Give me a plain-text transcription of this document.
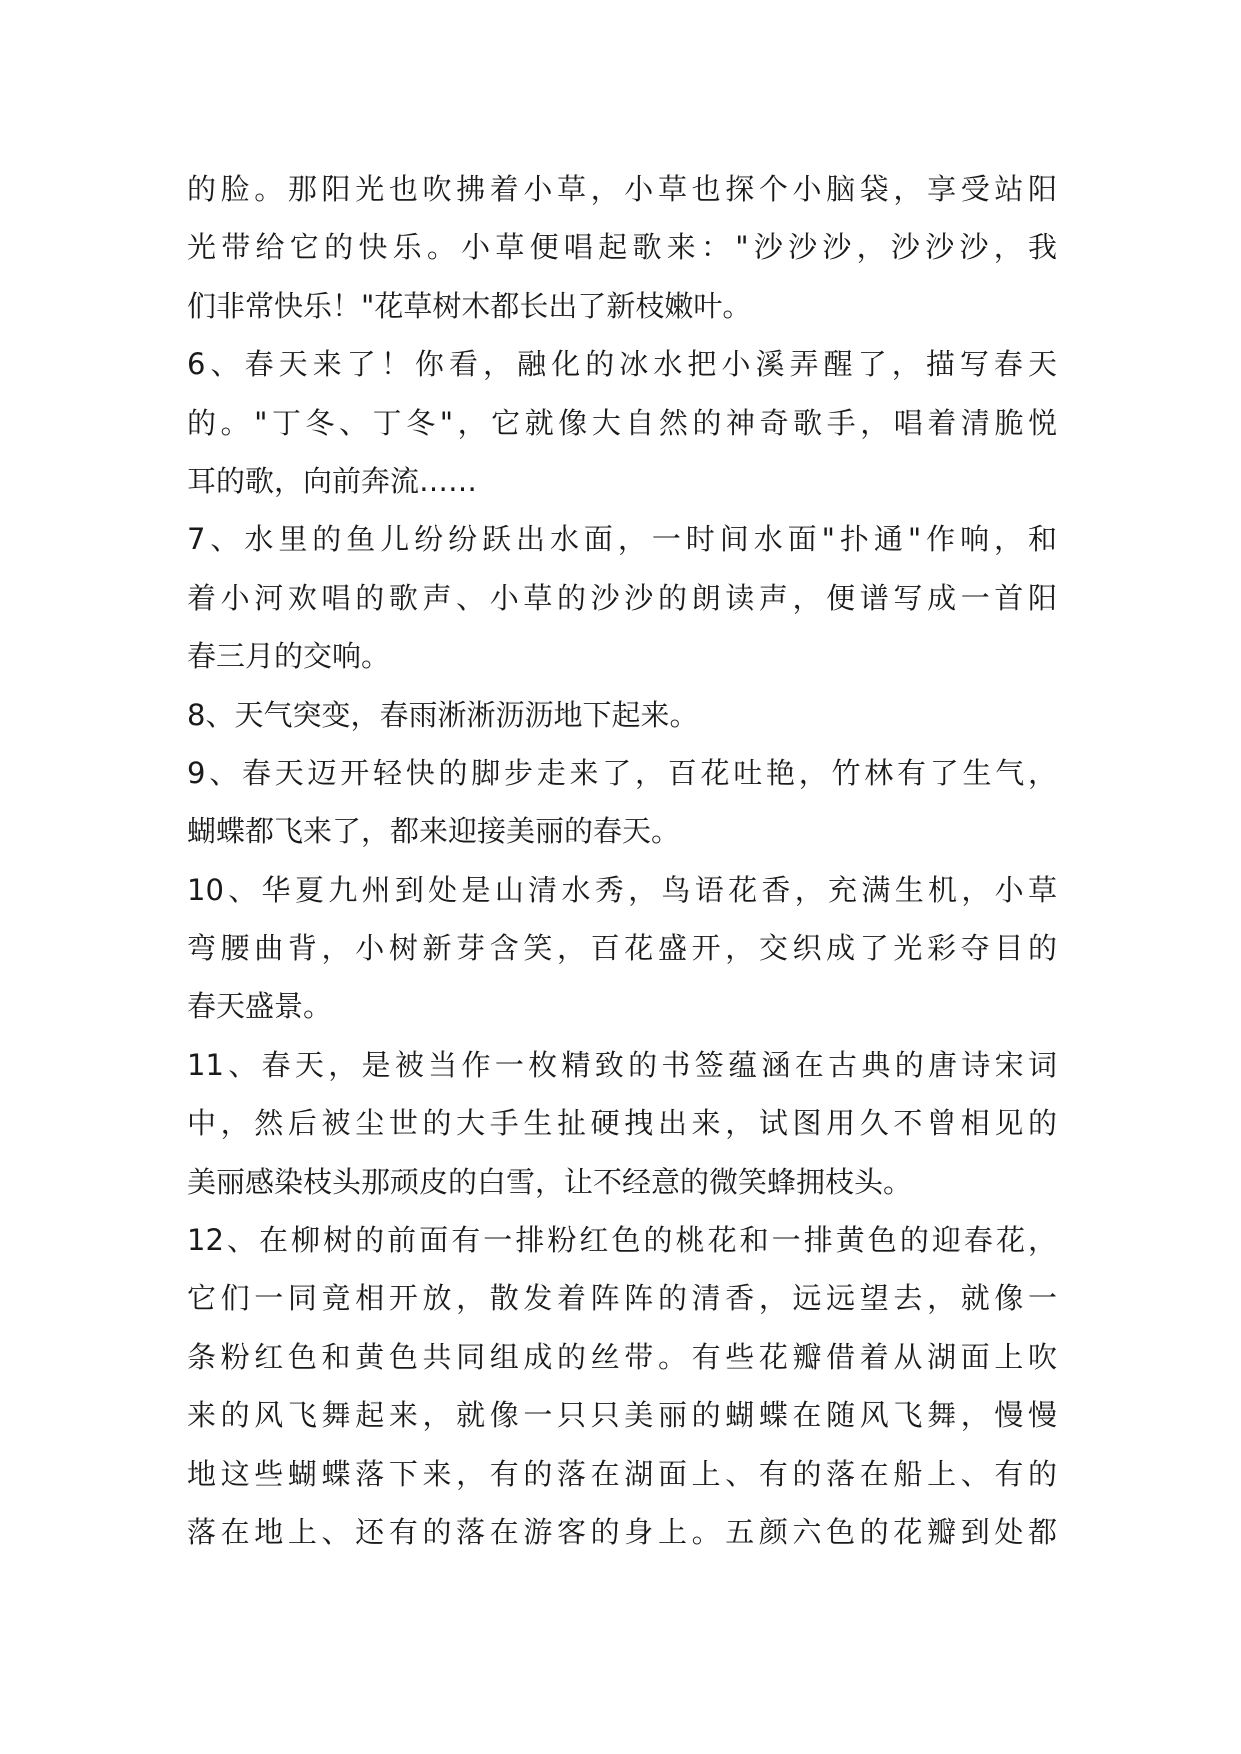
的脸。那阳光也吹拂着小草，小草也探个小脑袋，享受站阳
光带给它的快乐。小草便唱起歌来："沙沙沙，沙沙沙，我
们非常快乐！"花草树木都长出了新枝嫩叶。
6、春天来了！你看，融化的冰水把小溪弄醒了，描写春天
的。"丁冬、丁冬"，它就像大自然的神奇歌手，唱着清脆悦
耳的歌，向前奔流……
7、水里的鱼儿纷纷跃出水面，一时间水面"扑通"作响，和
着小河欢唱的歌声、小草的沙沙的朗读声，便谱写成一首阳
春三月的交响。
8、天气突变，春雨淅淅沥沥地下起来。
9、春天迈开轻快的脚步走来了，百花吐艳，竹林有了生气，
蝴蝶都飞来了，都来迎接美丽的春天。
10、华夏九州到处是山清水秀，鸟语花香，充满生机，小草
弯腰曲背，小树新芽含笑，百花盛开，交织成了光彩夺目的
春天盛景。
11、春天，是被当作一枚精致的书签蕴涵在古典的唐诗宋词
中，然后被尘世的大手生扯硬拽出来，试图用久不曾相见的
美丽感染枝头那顽皮的白雪，让不经意的微笑蜂拥枝头。
12、在柳树的前面有一排粉红色的桃花和一排黄色的迎春花，
它们一同竟相开放，散发着阵阵的清香，远远望去，就像一
条粉红色和黄色共同组成的丝带。有些花瓣借着从湖面上吹
来的风飞舞起来，就像一只只美丽的蝴蝶在随风飞舞，慢慢
地这些蝴蝶落下来，有的落在湖面上、有的落在船上、有的
落在地上、还有的落在游客的身上。五颜六色的花瓣到处都
